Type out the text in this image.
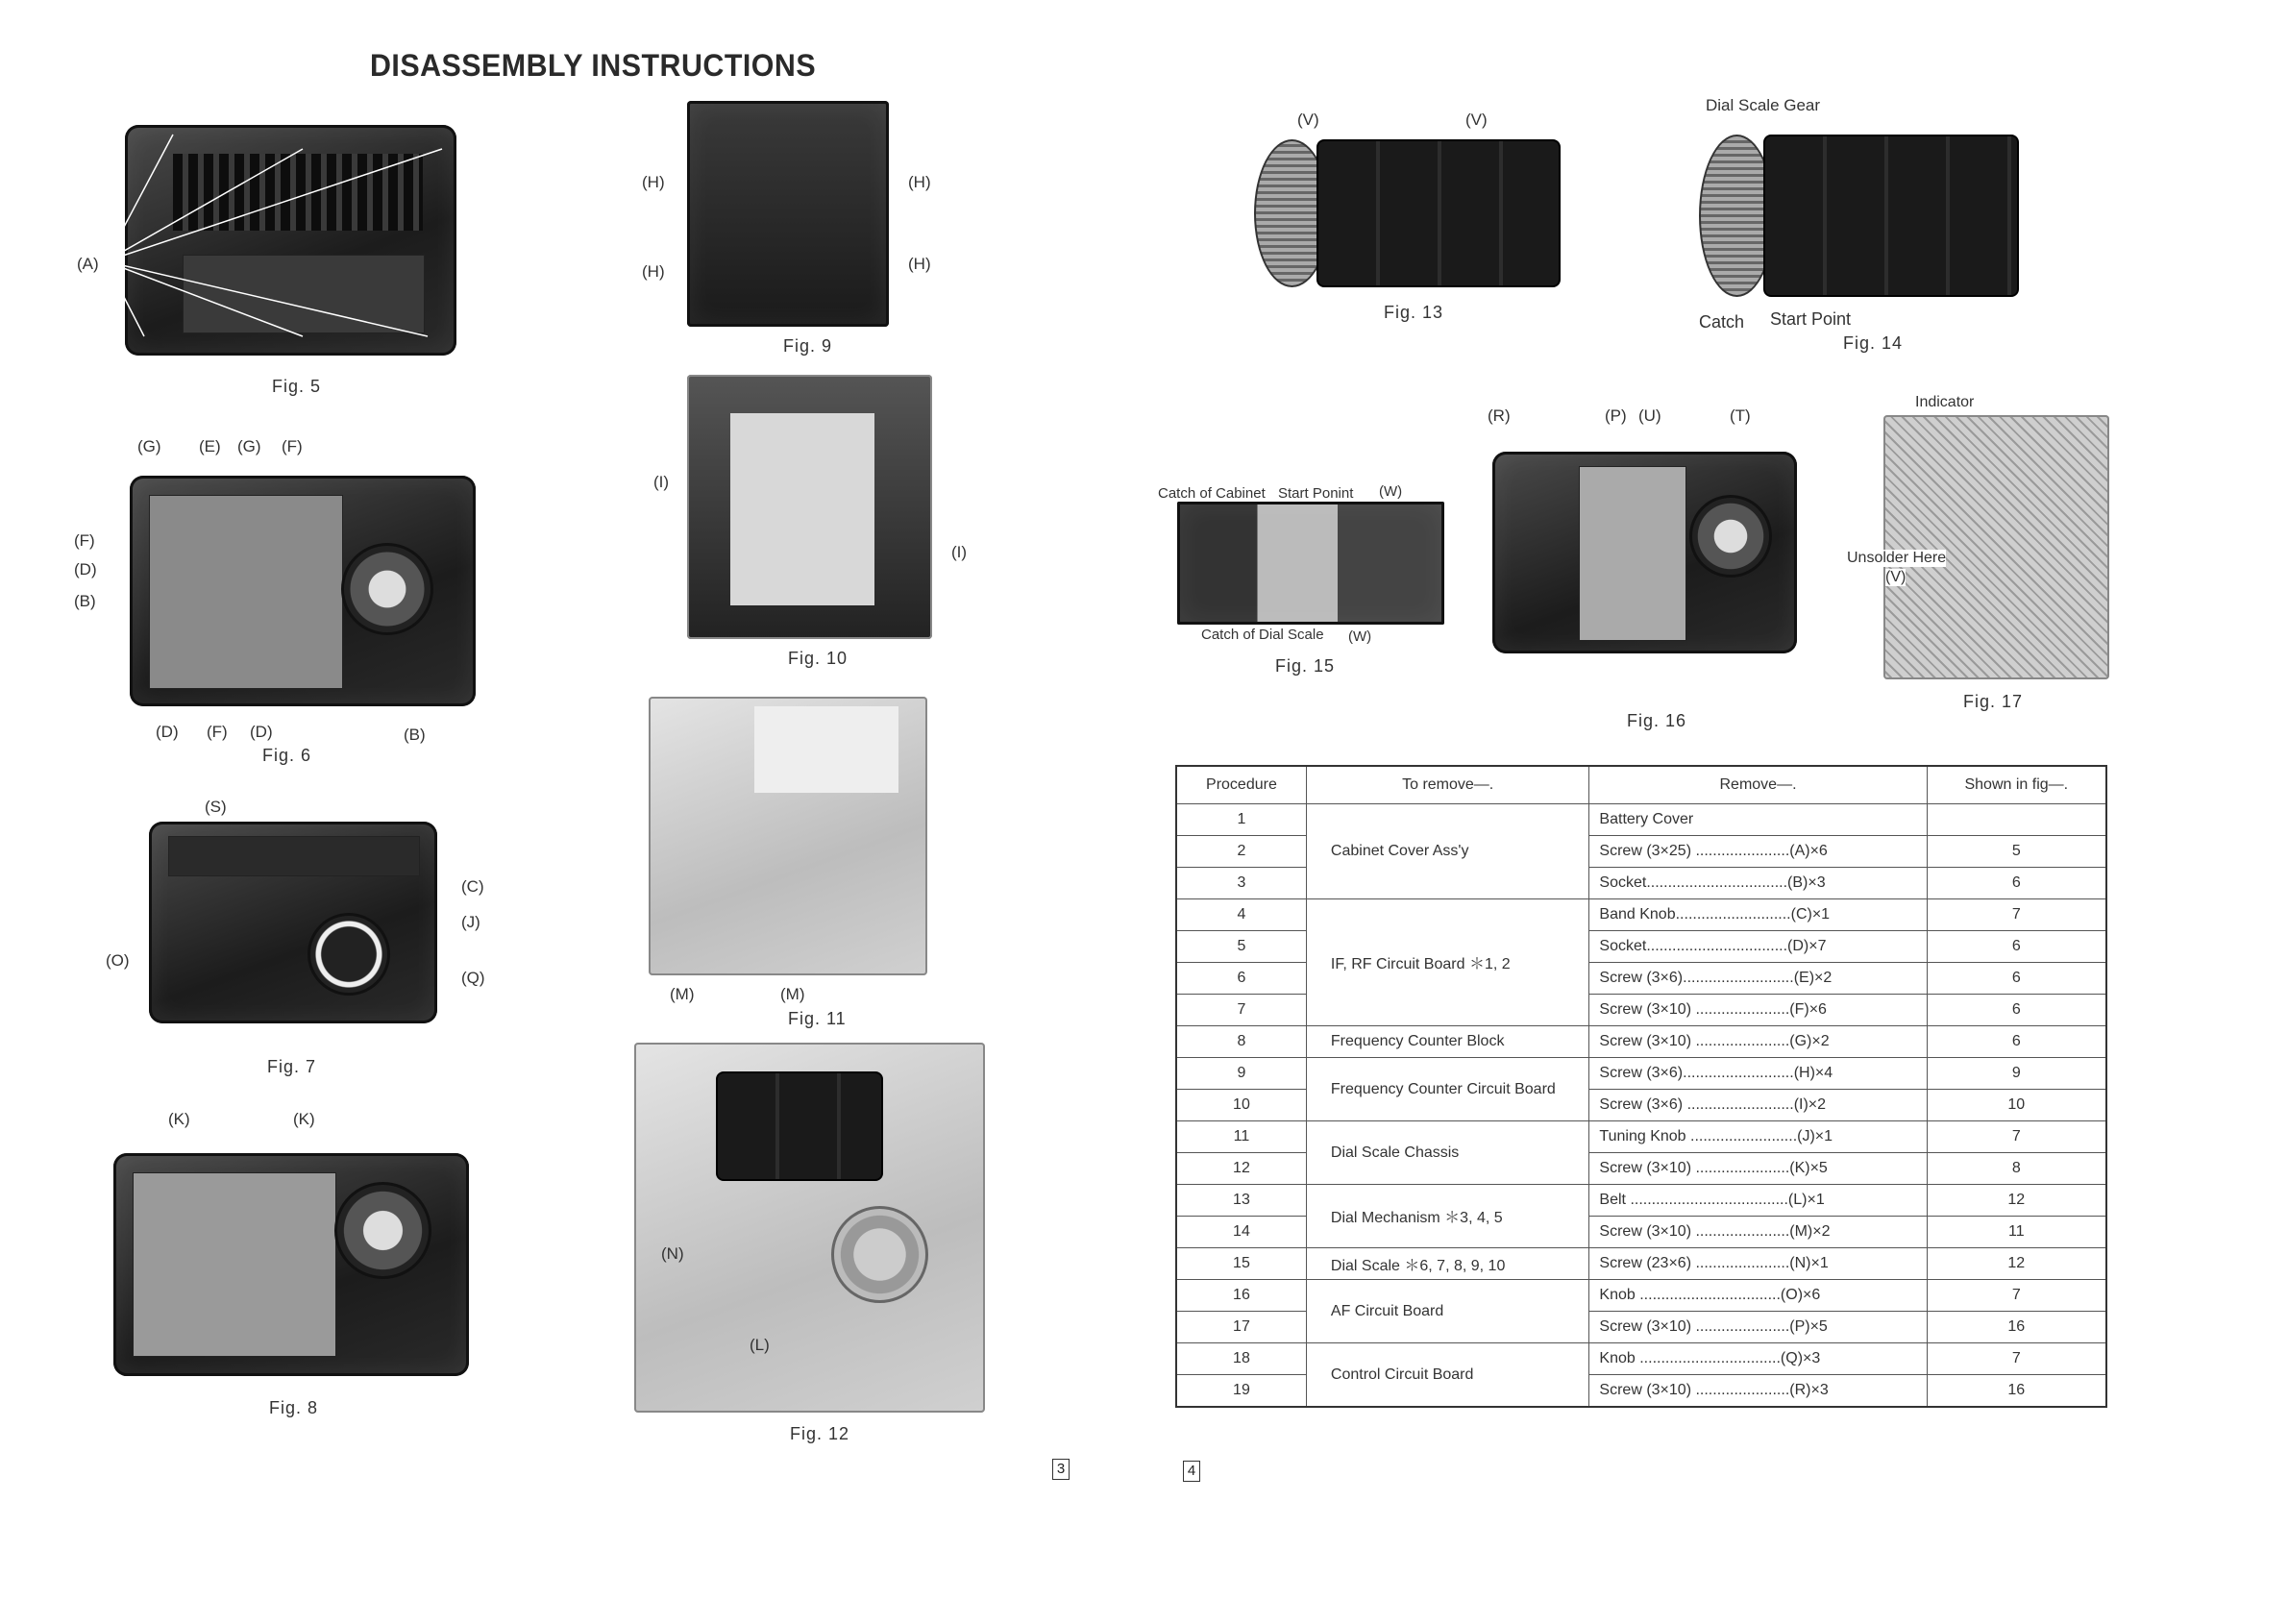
DISASSEMBLY INSTRUCTIONS
(A)
Fig. 5
(G) (E) (G) (F)
(F)
(D)
(B)
(D) (F) (D)	(B)
Fig. 6
(S)
(C)
(J)
(O)
(Q)
Fig. 7
(K)	(K)
Fig. 8
(H)	(H)
(H)	(H)
Fig. 9
(I)
(I)
Fig. 10
(M)	(M)
Fig. 11
(N)
(L)
Fig. 12
(V)	(V)
Fig. 13
Dial Scale Gear
Catch Start Point
Fig. 14
Catch of Cabinet Start Ponint (W)
Catch of Dial Scale (W)
Fig. 15
(R)	(P) (U)	(T)
Fig. 16
Indicator
Unsolder Here
(V)
Fig. 17
3	4
Procedure	To remove—.	Remove—.	Shown in fig—.
1	Cabinet Cover Ass'y	Battery Cover	
2		Screw (3×25) ......................(A)×6	5
3		Socket.................................(B)×3	6
4	IF, RF Circuit Board ＊1, 2	Band Knob...........................(C)×1	7
5		Socket.................................(D)×7	6
6		Screw (3×6)..........................(E)×2	6
7		Screw (3×10) ......................(F)×6	6
8	Frequency Counter Block	Screw (3×10) ......................(G)×2	6
9	Frequency Counter Circuit Board	Screw (3×6)..........................(H)×4	9
10		Screw (3×6) .........................(I)×2	10
11	Dial Scale Chassis	Tuning Knob .........................(J)×1	7
12		Screw (3×10) ......................(K)×5	8
13	Dial Mechanism ＊3, 4, 5	Belt .....................................(L)×1	12
14		Screw (3×10) ......................(M)×2	11
15	Dial Scale ＊6, 7, 8, 9, 10	Screw (23×6) ......................(N)×1	12
16	AF Circuit Board	Knob .................................(O)×6	7
17		Screw (3×10) ......................(P)×5	16
18	Control Circuit Board	Knob .................................(Q)×3	7
19		Screw (3×10) ......................(R)×3	16
